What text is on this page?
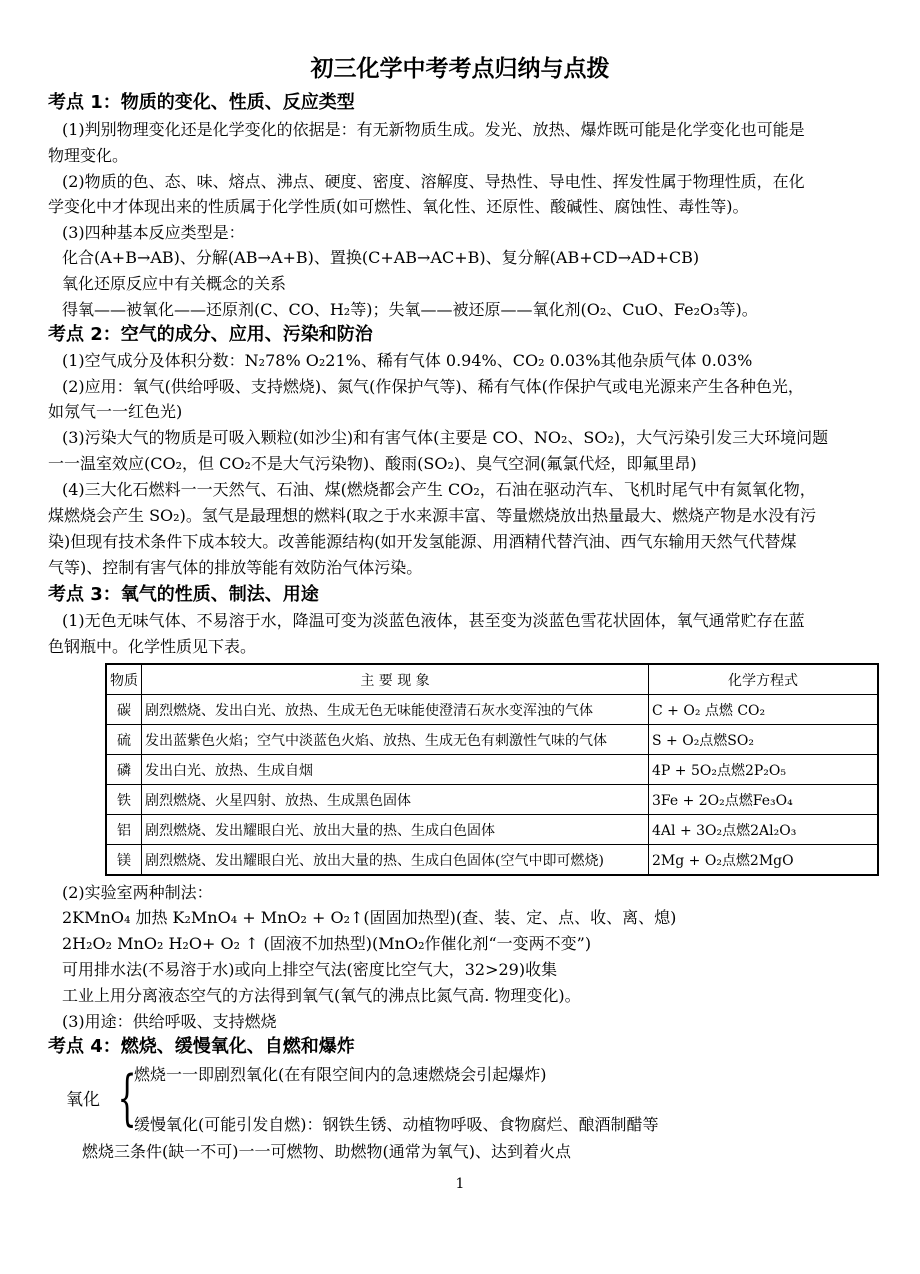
初三化学中考考点归纳与点拨
考点 1：物质的变化、性质、反应类型
(1)判别物理变化还是化学变化的依据是：有无新物质生成。发光、放热、爆炸既可能是化学变化也可能是
物理变化。
(2)物质的色、态、味、熔点、沸点、硬度、密度、溶解度、导热性、导电性、挥发性属于物理性质，在化
学变化中才体现出来的性质属于化学性质(如可燃性、氧化性、还原性、酸碱性、腐蚀性、毒性等)。
(3)四种基本反应类型是：
化合(A+B→AB)、分解(AB→A+B)、置换(C+AB→AC+B)、复分解(AB+CD→AD+CB)
氧化还原反应中有关概念的关系
得氧——被氧化——还原剂(C、CO、H₂等)；失氧——被还原——氧化剂(O₂、CuO、Fe₂O₃等)。
考点 2：空气的成分、应用、污染和防治
(1)空气成分及体积分数：N₂78% O₂21%、稀有气体 0.94%、CO₂ 0.03%其他杂质气体 0.03%
(2)应用：氧气(供给呼吸、支持燃烧)、氮气(作保护气等)、稀有气体(作保护气或电光源来产生各种色光，
如氖气一一红色光)
(3)污染大气的物质是可吸入颗粒(如沙尘)和有害气体(主要是 CO、NO₂、SO₂)，大气污染引发三大环境问题
一一温室效应(CO₂，但 CO₂不是大气污染物)、酸雨(SO₂)、臭气空洞(氟氯代烃，即氟里昂)
(4)三大化石燃料一一天然气、石油、煤(燃烧都会产生 CO₂，石油在驱动汽车、飞机时尾气中有氮氧化物，
煤燃烧会产生 SO₂)。氢气是最理想的燃料(取之于水来源丰富、等量燃烧放出热量最大、燃烧产物是水没有污
染)但现有技术条件下成本较大。改善能源结构(如开发氢能源、用酒精代替汽油、西气东输用天然气代替煤
气等)、控制有害气体的排放等能有效防治气体污染。
考点 3：氧气的性质、制法、用途
(1)无色无味气体、不易溶于水，降温可变为淡蓝色液体，甚至变为淡蓝色雪花状固体，氧气通常贮存在蓝
色钢瓶中。化学性质见下表。
物质	主 要 现 象	化学方程式
碳	剧烈燃烧、发出白光、放热、生成无色无味能使澄清石灰水变浑浊的气体	C + O₂ 点燃 CO₂
硫	发出蓝紫色火焰；空气中淡蓝色火焰、放热、生成无色有刺激性气味的气体	S + O₂点燃SO₂
磷	发出白光、放热、生成自烟	4P + 5O₂点燃2P₂O₅
铁	剧烈燃烧、火星四射、放热、生成黑色固体	3Fe + 2O₂点燃Fe₃O₄
铝	剧烈燃烧、发出耀眼白光、放出大量的热、生成白色固体	4Al + 3O₂点燃2Al₂O₃
镁	剧烈燃烧、发出耀眼白光、放出大量的热、生成白色固体(空气中即可燃烧)	2Mg + O₂点燃2MgO
(2)实验室两种制法：
2KMnO₄ 加热 K₂MnO₄ + MnO₂ + O₂↑(固固加热型)(查、装、定、点、收、离、熄)
2H₂O₂ MnO₂ H₂O+ O₂ ↑ (固液不加热型)(MnO₂作催化剂“一变两不变”)
可用排水法(不易溶于水)或向上排空气法(密度比空气大，32>29)收集
工业上用分离液态空气的方法得到氧气(氧气的沸点比氮气高. 物理变化)。
(3)用途：供给呼吸、支持燃烧
考点 4：燃烧、缓慢氧化、自燃和爆炸
氧化 {
燃烧一一即剧烈氧化(在有限空间内的急速燃烧会引起爆炸)
缓慢氧化(可能引发自燃)：钢铁生锈、动植物呼吸、食物腐烂、酿酒制醋等
燃烧三条件(缺一不可)一一可燃物、助燃物(通常为氧气)、达到着火点
1
